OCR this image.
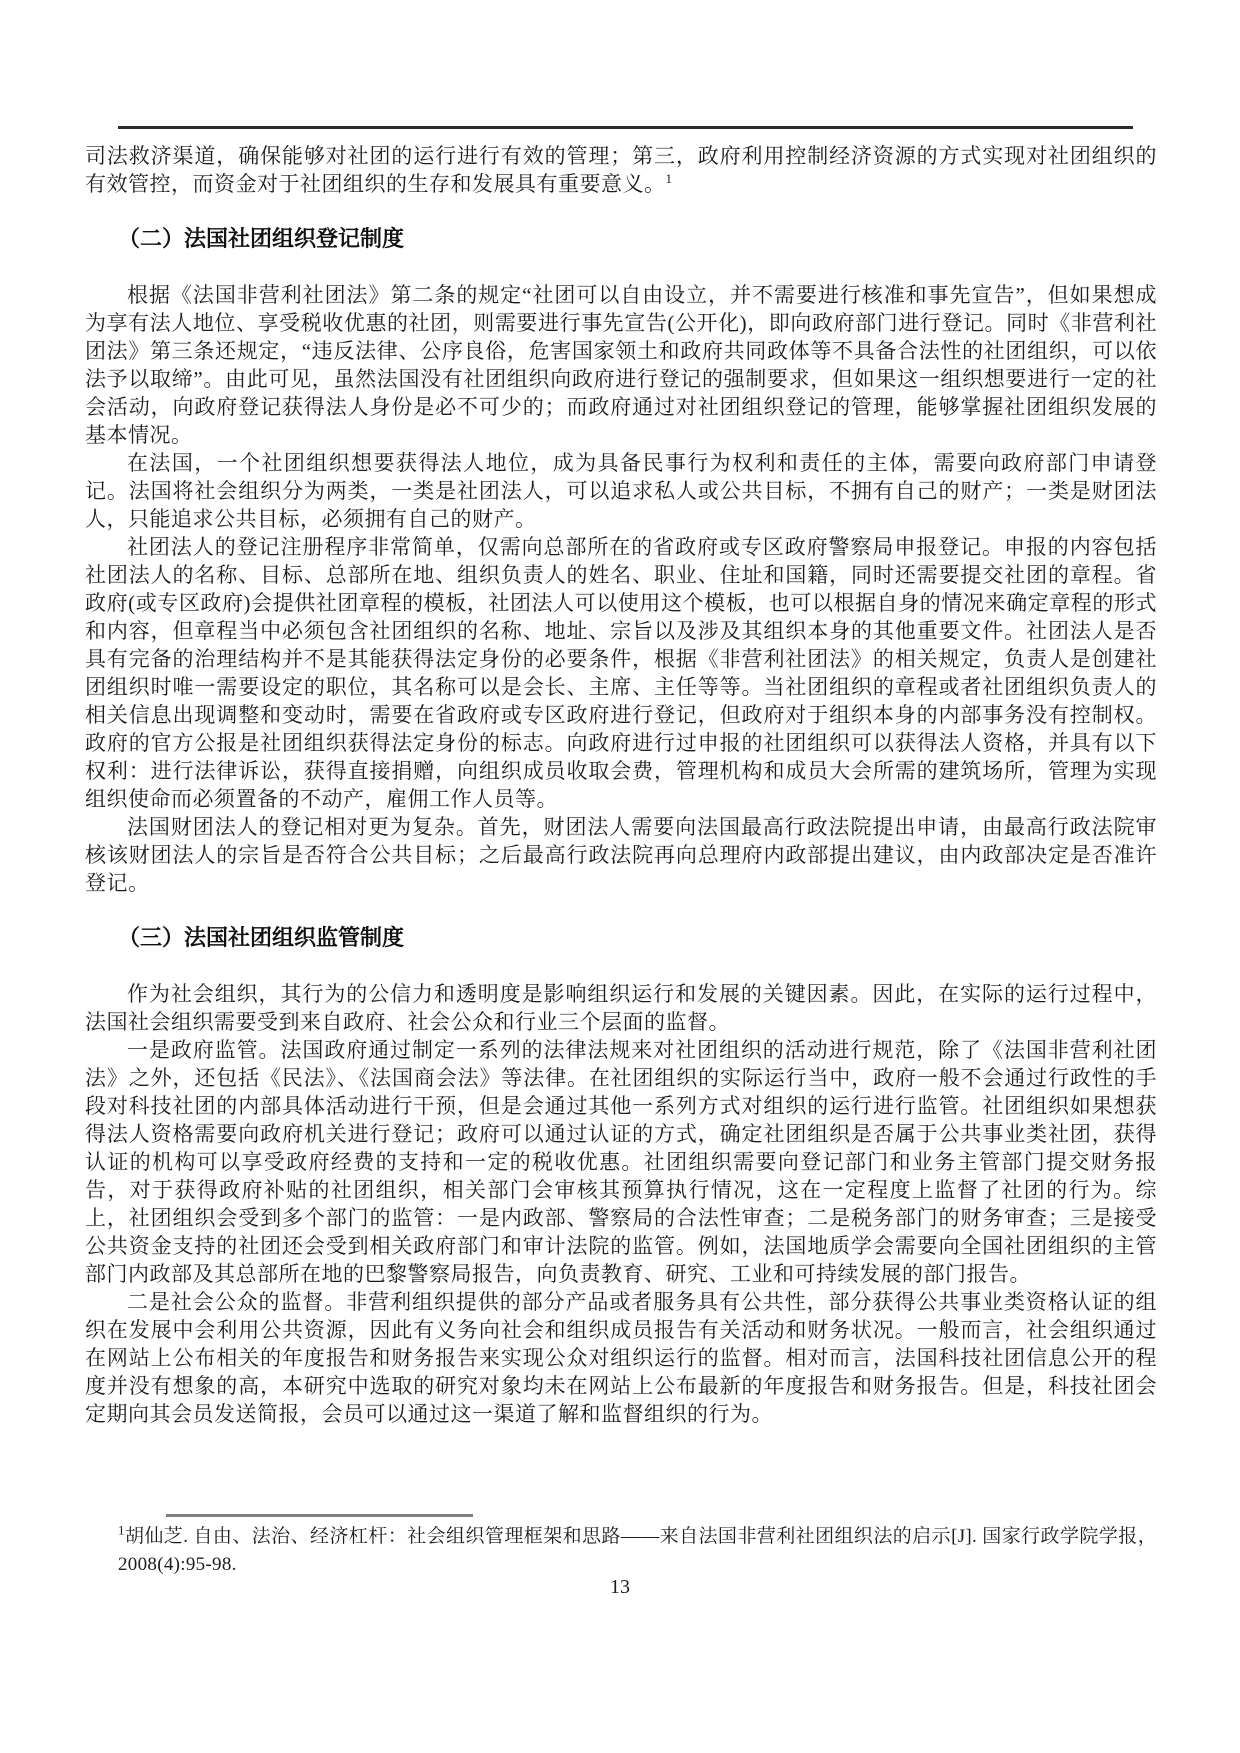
司法救济渠道，确保能够对社团的运行进行有效的管理；第三，政府利用控制经济资源的方式实现对社团组织的有效管控，而资金对于社团组织的生存和发展具有重要意义。$^1$

（二）法国社团组织登记制度

根据《法国非营利社团法》第二条的规定“社团可以自由设立，并不需要进行核准和事先宣告”，但如果想成为享有法人地位、享受税收优惠的社团，则需要进行事先宣告(公开化)，即向政府部门进行登记。同时《非营利社团法》第三条还规定，“违反法律、公序良俗，危害国家领土和政府共同政体等不具备合法性的社团组织，可以依法予以取缔”。由此可见，虽然法国没有社团组织向政府进行登记的强制要求，但如果这一组织想要进行一定的社会活动，向政府登记获得法人身份是必不可少的；而政府通过对社团组织登记的管理，能够掌握社团组织发展的基本情况。

在法国，一个社团组织想要获得法人地位，成为具备民事行为权利和责任的主体，需要向政府部门申请登记。法国将社会组织分为两类，一类是社团法人，可以追求私人或公共目标，不拥有自己的财产；一类是财团法人，只能追求公共目标，必须拥有自己的财产。

社团法人的登记注册程序非常简单，仅需向总部所在的省政府或专区政府警察局申报登记。申报的内容包括社团法人的名称、目标、总部所在地、组织负责人的姓名、职业、住址和国籍，同时还需要提交社团的章程。省政府(或专区政府)会提供社团章程的模板，社团法人可以使用这个模板，也可以根据自身的情况来确定章程的形式和内容，但章程当中必须包含社团组织的名称、地址、宗旨以及涉及其组织本身的其他重要文件。社团法人是否具有完备的治理结构并不是其能获得法定身份的必要条件，根据《非营利社团法》的相关规定，负责人是创建社团组织时唯一需要设定的职位，其名称可以是会长、主席、主任等等。当社团组织的章程或者社团组织负责人的相关信息出现调整和变动时，需要在省政府或专区政府进行登记，但政府对于组织本身的内部事务没有控制权。政府的官方公报是社团组织获得法定身份的标志。向政府进行过申报的社团组织可以获得法人资格，并具有以下权利：进行法律诉讼，获得直接捐赠，向组织成员收取会费，管理机构和成员大会所需的建筑场所，管理为实现组织使命而必须置备的不动产，雇佣工作人员等。

法国财团法人的登记相对更为复杂。首先，财团法人需要向法国最高行政法院提出申请，由最高行政法院审核该财团法人的宗旨是否符合公共目标；之后最高行政法院再向总理府内政部提出建议，由内政部决定是否准许登记。

（三）法国社团组织监管制度

作为社会组织，其行为的公信力和透明度是影响组织运行和发展的关键因素。因此，在实际的运行过程中，法国社会组织需要受到来自政府、社会公众和行业三个层面的监督。

一是政府监管。法国政府通过制定一系列的法律法规来对社团组织的活动进行规范，除了《法国非营利社团法》之外，还包括《民法》、《法国商会法》等法律。在社团组织的实际运行当中，政府一般不会通过行政性的手段对科技社团的内部具体活动进行干预，但是会通过其他一系列方式对组织的运行进行监管。社团组织如果想获得法人资格需要向政府机关进行登记；政府可以通过认证的方式，确定社团组织是否属于公共事业类社团，获得认证的机构可以享受政府经费的支持和一定的税收优惠。社团组织需要向登记部门和业务主管部门提交财务报告，对于获得政府补贴的社团组织，相关部门会审核其预算执行情况，这在一定程度上监督了社团的行为。综上，社团组织会受到多个部门的监管：一是内政部、警察局的合法性审查；二是税务部门的财务审查；三是接受公共资金支持的社团还会受到相关政府部门和审计法院的监管。例如，法国地质学会需要向全国社团组织的主管部门内政部及其总部所在地的巴黎警察局报告，向负责教育、研究、工业和可持续发展的部门报告。

二是社会公众的监督。非营利组织提供的部分产品或者服务具有公共性，部分获得公共事业类资格认证的组织在发展中会利用公共资源，因此有义务向社会和组织成员报告有关活动和财务状况。一般而言，社会组织通过在网站上公布相关的年度报告和财务报告来实现公众对组织运行的监督。相对而言，法国科技社团信息公开的程度并没有想象的高，本研究中选取的研究对象均未在网站上公布最新的年度报告和财务报告。但是，科技社团会定期向其会员发送简报，会员可以通过这一渠道了解和监督组织的行为。

$^1$胡仙芝. 自由、法治、经济杠杆：社会组织管理框架和思路——来自法国非营利社团组织法的启示[J]. 国家行政学院学报，2008(4):95-98.

13
